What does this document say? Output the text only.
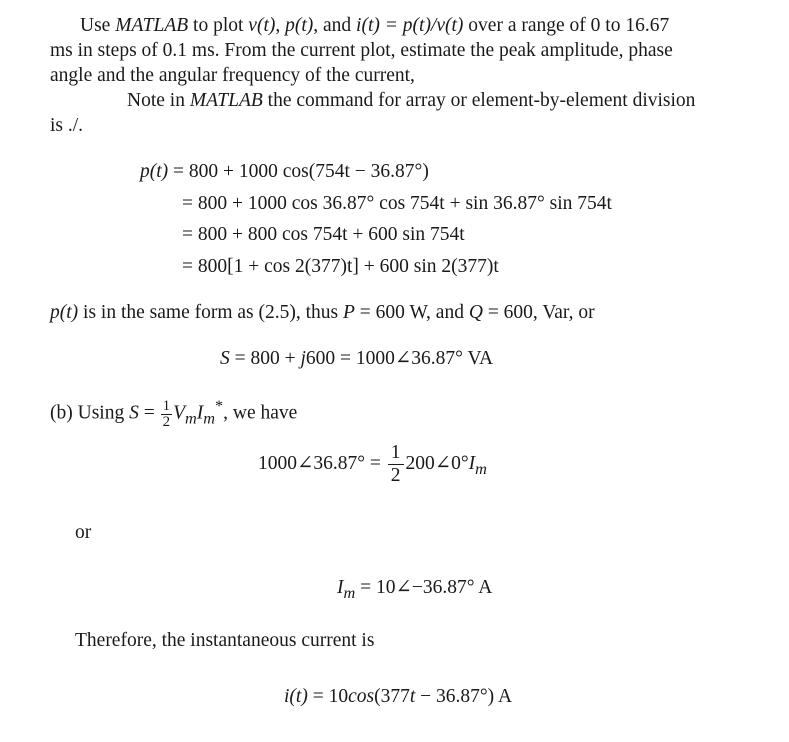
Use MATLAB to plot v(t), p(t), and i(t) = p(t)/v(t) over a range of 0 to 16.67
ms in steps of 0.1 ms. From the current plot, estimate the peak amplitude, phase
angle and the angular frequency of the current,
Note in MATLAB the command for array or element-by-element division
is ./.
p(t) = 800 + 1000 cos(754t − 36.87°)
= 800 + 1000 cos 36.87° cos 754t + sin 36.87° sin 754t
= 800 + 800 cos 754t + 600 sin 754t
= 800[1 + cos 2(377)t] + 600 sin 2(377)t
p(t) is in the same form as (2.5), thus P = 600 W, and Q = 600, Var, or
S = 800 + j600 = 1000∠36.87° VA
(b) Using $S = \frac{1}{2} V_mI_m^*$, we have
1000∠36.87° = $\frac{1}{2}$ $200\angle 0^\circ I_m$
or
$I_m$ = 10∠−36.87° A
Therefore, the instantaneous current is
i(t) = 10cos(377t − 36.87°) A
